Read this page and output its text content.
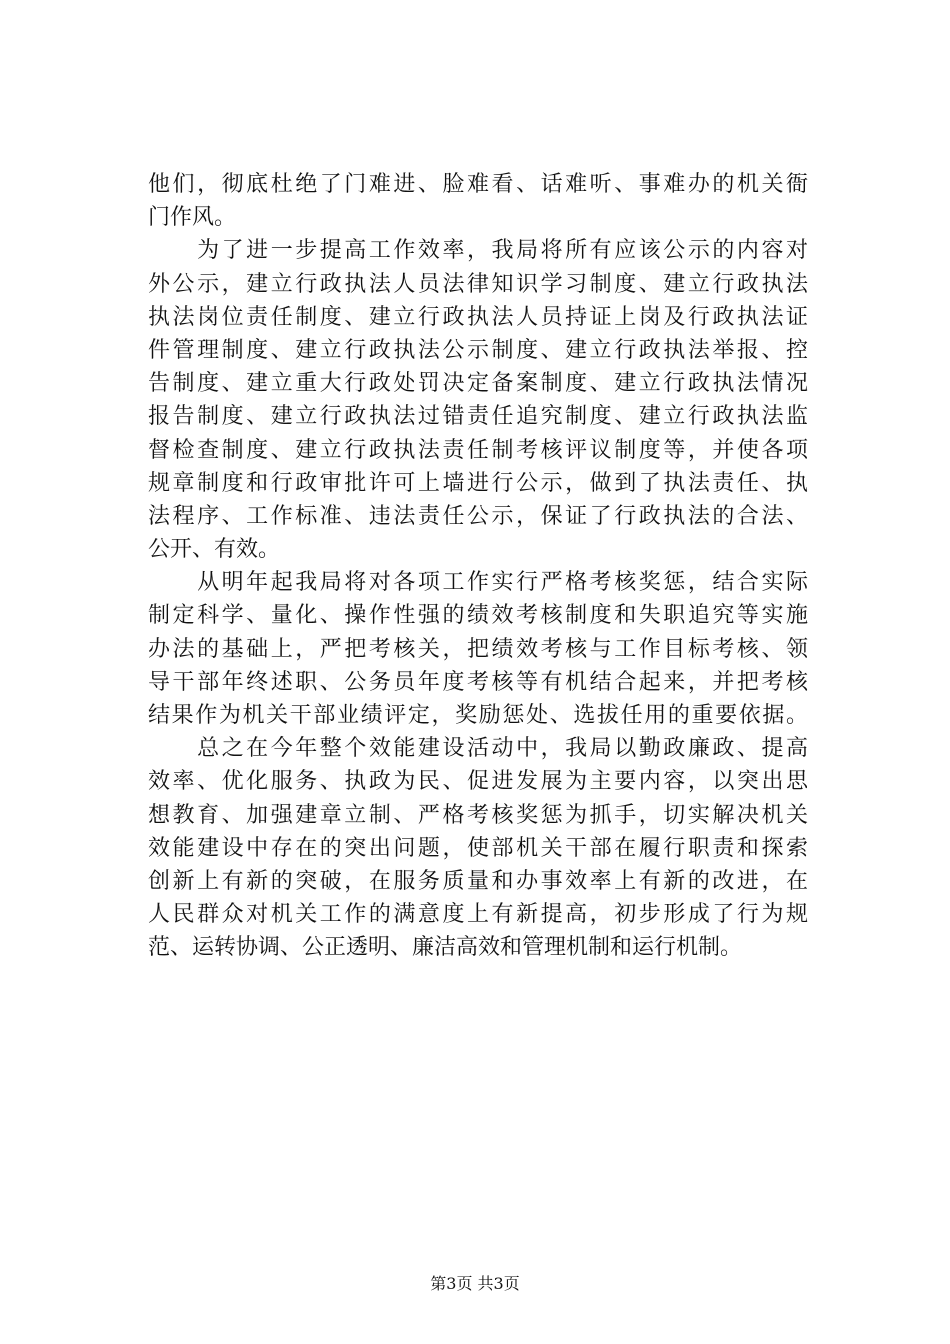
他们，彻底杜绝了门难进、脸难看、话难听、事难办的机关衙
门作风。
　　为了进一步提高工作效率，我局将所有应该公示的内容对
外公示，建立行政执法人员法律知识学习制度、建立行政执法
执法岗位责任制度、建立行政执法人员持证上岗及行政执法证
件管理制度、建立行政执法公示制度、建立行政执法举报、控
告制度、建立重大行政处罚决定备案制度、建立行政执法情况
报告制度、建立行政执法过错责任追究制度、建立行政执法监
督检查制度、建立行政执法责任制考核评议制度等，并使各项
规章制度和行政审批许可上墙进行公示，做到了执法责任、执
法程序、工作标准、违法责任公示，保证了行政执法的合法、
公开、有效。
　　从明年起我局将对各项工作实行严格考核奖惩，结合实际
制定科学、量化、操作性强的绩效考核制度和失职追究等实施
办法的基础上，严把考核关，把绩效考核与工作目标考核、领
导干部年终述职、公务员年度考核等有机结合起来，并把考核
结果作为机关干部业绩评定，奖励惩处、选拔任用的重要依据。
　　总之在今年整个效能建设活动中，我局以勤政廉政、提高
效率、优化服务、执政为民、促进发展为主要内容，以突出思
想教育、加强建章立制、严格考核奖惩为抓手，切实解决机关
效能建设中存在的突出问题，使部机关干部在履行职责和探索
创新上有新的突破，在服务质量和办事效率上有新的改进，在
人民群众对机关工作的满意度上有新提高，初步形成了行为规
范、运转协调、公正透明、廉洁高效和管理机制和运行机制。
第3页 共3页
